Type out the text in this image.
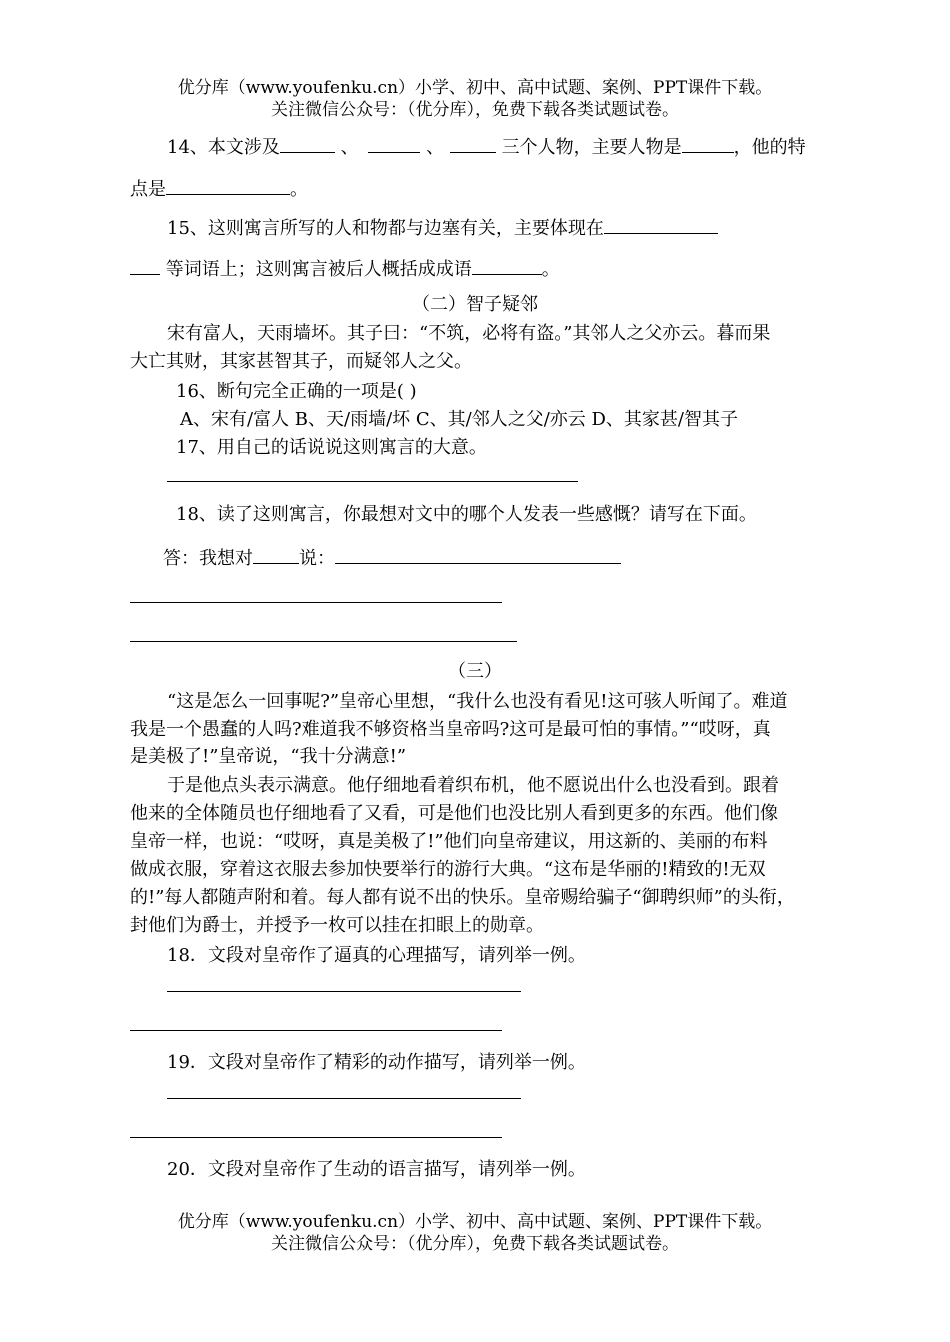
优分库（www.youfenku.cn）小学、初中、高中试题、案例、PPT课件下载。
关注微信公众号：（优分库），免费下载各类试题试卷。
14、本文涉及	、	、	三个人物，主要人物是	，他的特
点是	。
15、这则寓言所写的人和物都与边塞有关，主要体现在
等词语上；这则寓言被后人概括成成语	。
（二）智子疑邻
宋有富人，天雨墙坏。其子曰：“不筑，必将有盗。”其邻人之父亦云。暮而果
大亡其财，其家甚智其子，而疑邻人之父。
16、断句完全正确的一项是( )
A、宋有/富人 B、天/雨墙/坏 C、其/邻人之父/亦云 D、其家甚/智其子
17、用自己的话说说这则寓言的大意。
18、读了这则寓言，你最想对文中的哪个人发表一些感慨？请写在下面。
答：我想对	说：
（三）
“这是怎么一回事呢?”皇帝心里想，“我什么也没有看见!这可骇人听闻了。难道
我是一个愚蠢的人吗?难道我不够资格当皇帝吗?这可是最可怕的事情。”“哎呀，真
是美极了!”皇帝说，“我十分满意!”
于是他点头表示满意。他仔细地看着织布机，他不愿说出什么也没看到。跟着
他来的全体随员也仔细地看了又看，可是他们也没比别人看到更多的东西。他们像
皇帝一样，也说：“哎呀，真是美极了!”他们向皇帝建议，用这新的、美丽的布料
做成衣服，穿着这衣服去参加快要举行的游行大典。“这布是华丽的!精致的!无双
的!”每人都随声附和着。每人都有说不出的快乐。皇帝赐给骗子“御聘织师”的头衔，
封他们为爵士，并授予一枚可以挂在扣眼上的勋章。
18．文段对皇帝作了逼真的心理描写，请列举一例。
19．文段对皇帝作了精彩的动作描写，请列举一例。
20．文段对皇帝作了生动的语言描写，请列举一例。
优分库（www.youfenku.cn）小学、初中、高中试题、案例、PPT课件下载。
关注微信公众号：（优分库），免费下载各类试题试卷。
